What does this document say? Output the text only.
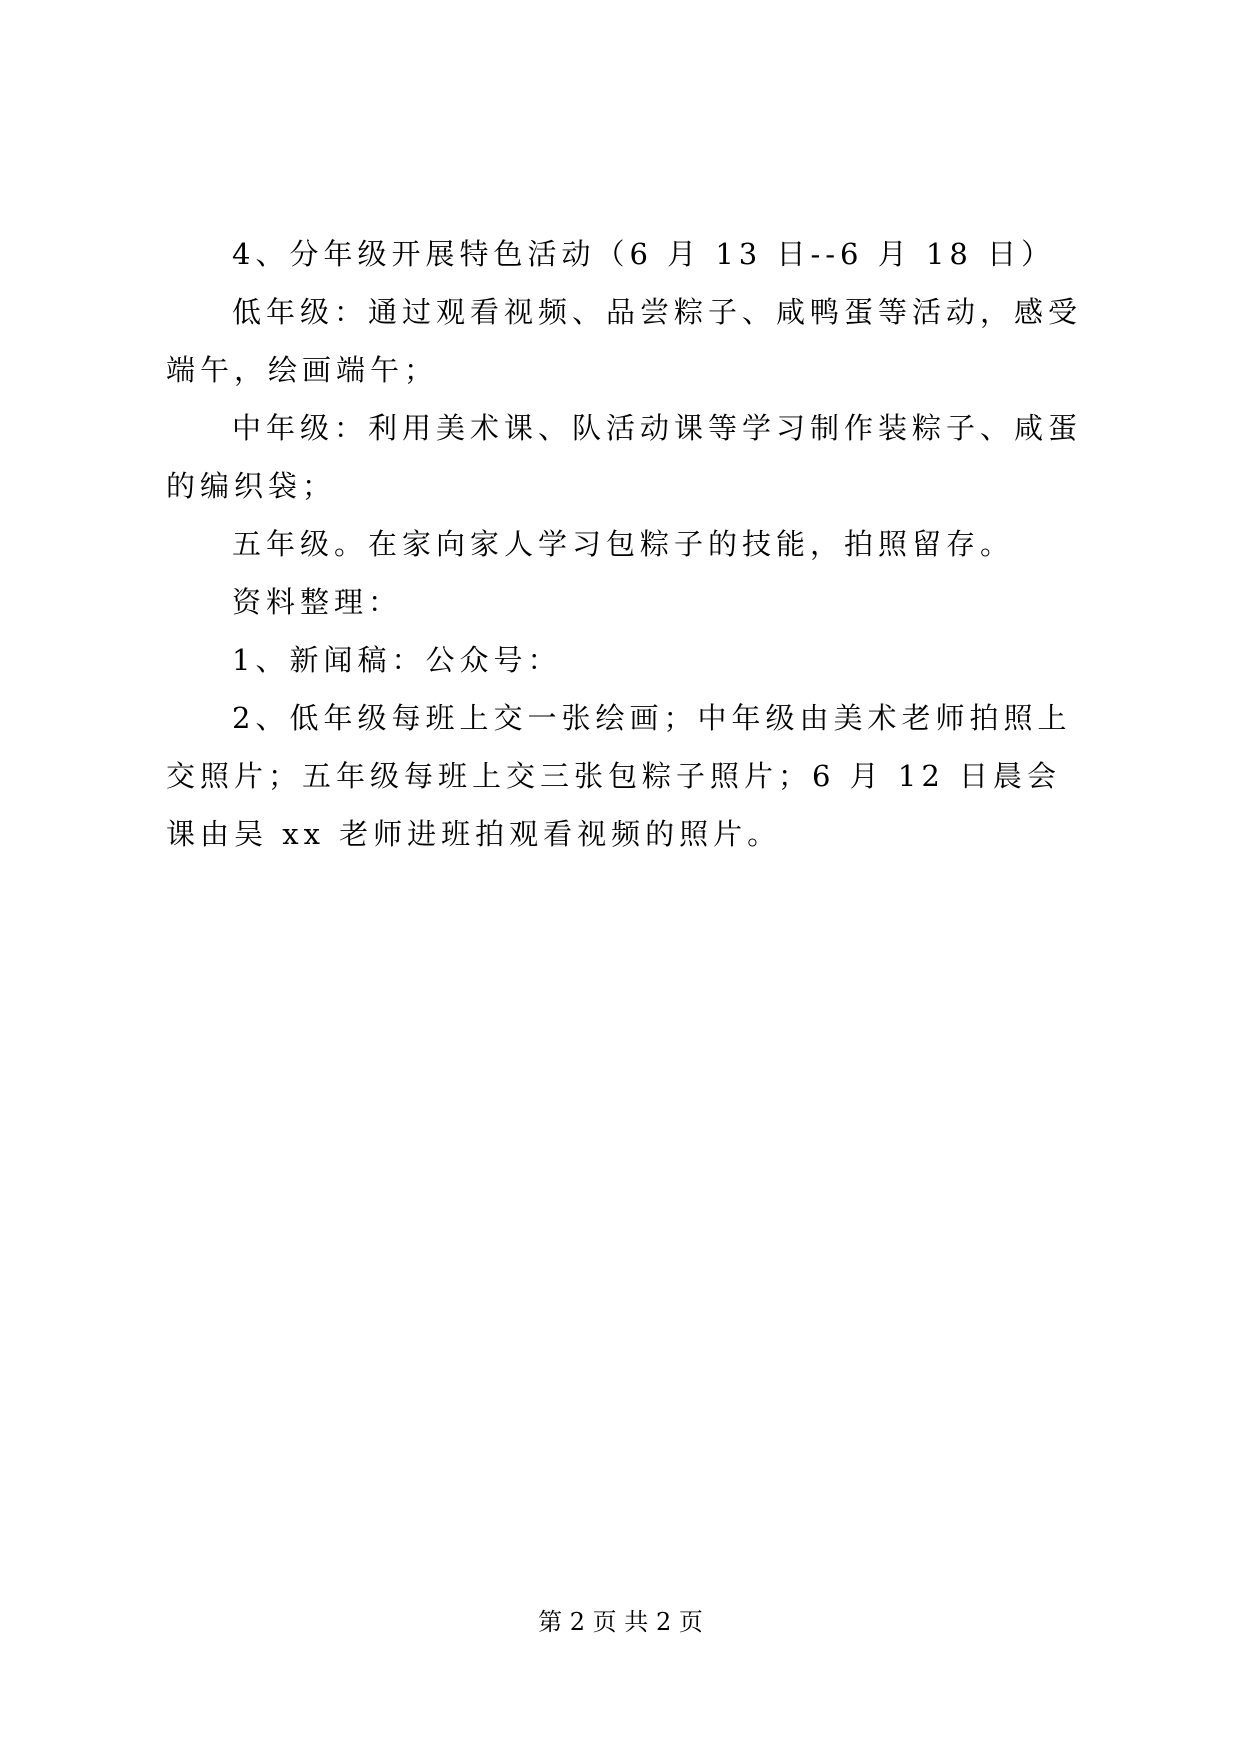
4、分年级开展特色活动（6 月 13 日--6 月 18 日）

低年级：通过观看视频、品尝粽子、咸鸭蛋等活动，感受端午，绘画端午；

中年级：利用美术课、队活动课等学习制作装粽子、咸蛋的编织袋；

五年级。在家向家人学习包粽子的技能，拍照留存。

资料整理：

1、新闻稿：公众号：

2、低年级每班上交一张绘画；中年级由美术老师拍照上交照片；五年级每班上交三张包粽子照片；6 月 12 日晨会课由吴 xx 老师进班拍观看视频的照片。

第 2 页 共 2 页
